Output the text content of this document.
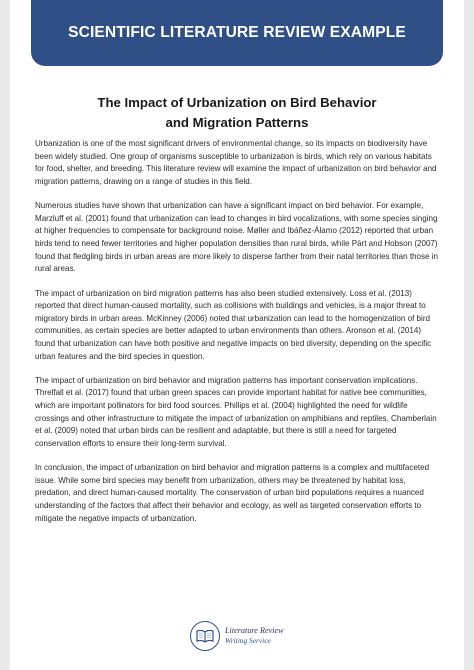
SCIENTIFIC LITERATURE REVIEW EXAMPLE
The Impact of Urbanization on Bird Behavior
and Migration Patterns

Urbanization is one of the most significant drivers of environmental change, so its impacts on biodiversity have been widely studied. One group of organisms susceptible to urbanization is birds, which rely on various habitats for food, shelter, and breeding. This literature review will examine the impact of urbanization on bird behavior and migration patterns, drawing on a range of studies in this field.

Numerous studies have shown that urbanization can have a significant impact on bird behavior. For example, Marzluff et al. (2001) found that urbanization can lead to changes in bird vocalizations, with some species singing at higher frequencies to compensate for background noise. Møller and Ibáñez-Álamo (2012) reported that urban birds tend to need fewer territories and higher population densities than rural birds, while Pärt and Hobson (2007) found that fledgling birds in urban areas are more likely to disperse farther from their natal territories than those in rural areas.

The impact of urbanization on bird migration patterns has also been studied extensively. Loss et al. (2013) reported that direct human-caused mortality, such as collisions with buildings and vehicles, is a major threat to migratory birds in urban areas. McKinney (2006) noted that urbanization can lead to the homogenization of bird communities, as certain species are better adapted to urban environments than others. Aronson et al. (2014) found that urbanization can have both positive and negative impacts on bird diversity, depending on the specific urban features and the bird species in question.

The impact of urbanization on bird behavior and migration patterns has important conservation implications. Threlfall et al. (2017) found that urban green spaces can provide important habitat for native bee communities, which are important pollinators for bird food sources. Phillips et al. (2004) highlighted the need for wildlife crossings and other infrastructure to mitigate the impact of urbanization on amphibians and reptiles. Chamberlain et al. (2009) noted that urban birds can be resilient and adaptable, but there is still a need for targeted conservation efforts to ensure their long-term survival.

In conclusion, the impact of urbanization on bird behavior and migration patterns is a complex and multifaceted issue. While some bird species may benefit from urbanization, others may be threatened by habitat loss, predation, and direct human-caused mortality. The conservation of urban bird populations requires a nuanced understanding of the factors that affect their behavior and ecology, as well as targeted conservation efforts to mitigate the negative impacts of urbanization.

Literature Review
Writing Service
